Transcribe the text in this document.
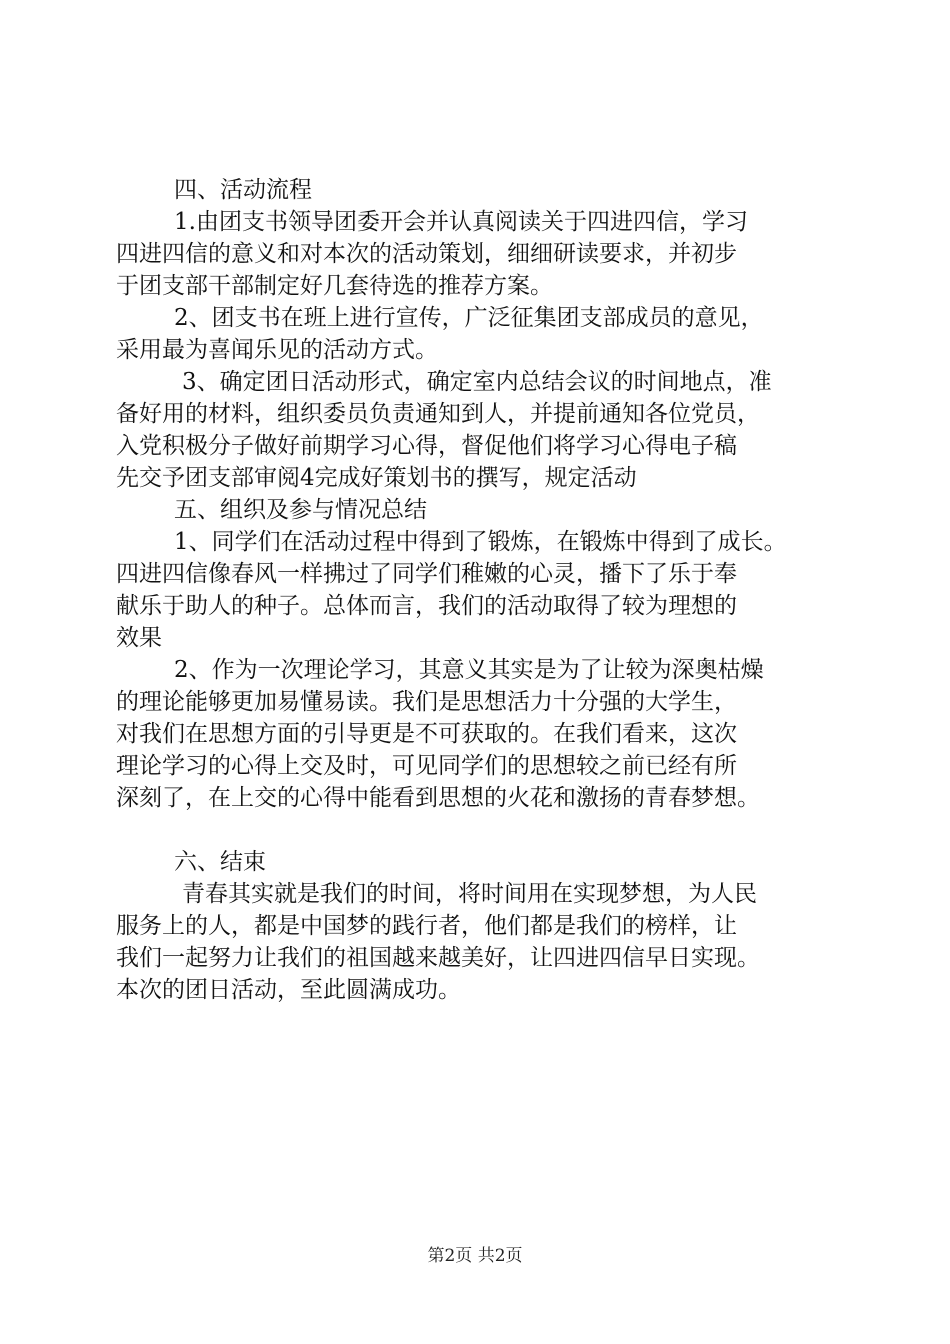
四、活动流程
1.由团支书领导团委开会并认真阅读关于四进四信，学习
四进四信的意义和对本次的活动策划，细细研读要求，并初步
于团支部干部制定好几套待选的推荐方案。
2、团支书在班上进行宣传，广泛征集团支部成员的意见，
采用最为喜闻乐见的活动方式。
3、确定团日活动形式，确定室内总结会议的时间地点，准
备好用的材料，组织委员负责通知到人，并提前通知各位党员，
入党积极分子做好前期学习心得，督促他们将学习心得电子稿
先交予团支部审阅4完成好策划书的撰写，规定活动
五、组织及参与情况总结
1、同学们在活动过程中得到了锻炼，在锻炼中得到了成长。
四进四信像春风一样拂过了同学们稚嫩的心灵，播下了乐于奉
献乐于助人的种子。总体而言，我们的活动取得了较为理想的
效果
2、作为一次理论学习，其意义其实是为了让较为深奥枯燥
的理论能够更加易懂易读。我们是思想活力十分强的大学生，
对我们在思想方面的引导更是不可获取的。在我们看来，这次
理论学习的心得上交及时，可见同学们的思想较之前已经有所
深刻了，在上交的心得中能看到思想的火花和激扬的青春梦想。
六、结束
青春其实就是我们的时间，将时间用在实现梦想，为人民
服务上的人，都是中国梦的践行者，他们都是我们的榜样，让
我们一起努力让我们的祖国越来越美好，让四进四信早日实现。
本次的团日活动，至此圆满成功。
第2页 共2页
